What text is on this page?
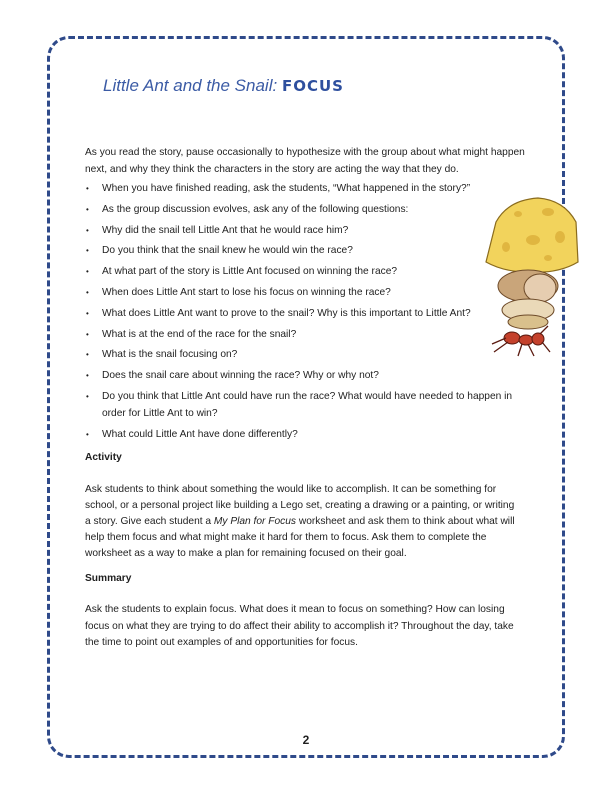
Little Ant and the Snail: FOCUS

As you read the story, pause occasionally to hypothesize with the group about what might happen next, and why they think the characters in the story are acting the way that they do.

• When you have finished reading, ask the students, “What happened in the story?”
• As the group discussion evolves, ask any of the following questions:
• Why did the snail tell Little Ant that he would race him?
• Do you think that the snail knew he would win the race?
• At what part of the story is Little Ant focused on winning the race?
• When does Little Ant start to lose his focus on winning the race?
• What does Little Ant want to prove to the snail? Why is this important to Little Ant?
• What is at the end of the race for the snail?
• What is the snail focusing on?
• Does the snail care about winning the race? Why or why not?
• Do you think that Little Ant could have run the race? What would have needed to happen in order for Little Ant to win?
• What could Little Ant have done differently?
Activity

Ask students to think about something the would like to accomplish. It can be something for school, or a personal project like building a Lego set, creating a drawing or a painting, or writing a story. Give each student a My Plan for Focus worksheet and ask them to think about what will help them focus and what might make it hard for them to focus. Ask them to complete the worksheet as a way to make a plan for remaining focused on their goal.

Summary

Ask the students to explain focus. What does it mean to focus on something? How can losing focus on what they are trying to do affect their ability to accomplish it? Throughout the day, take the time to point out examples of and opportunities for focus.

2
